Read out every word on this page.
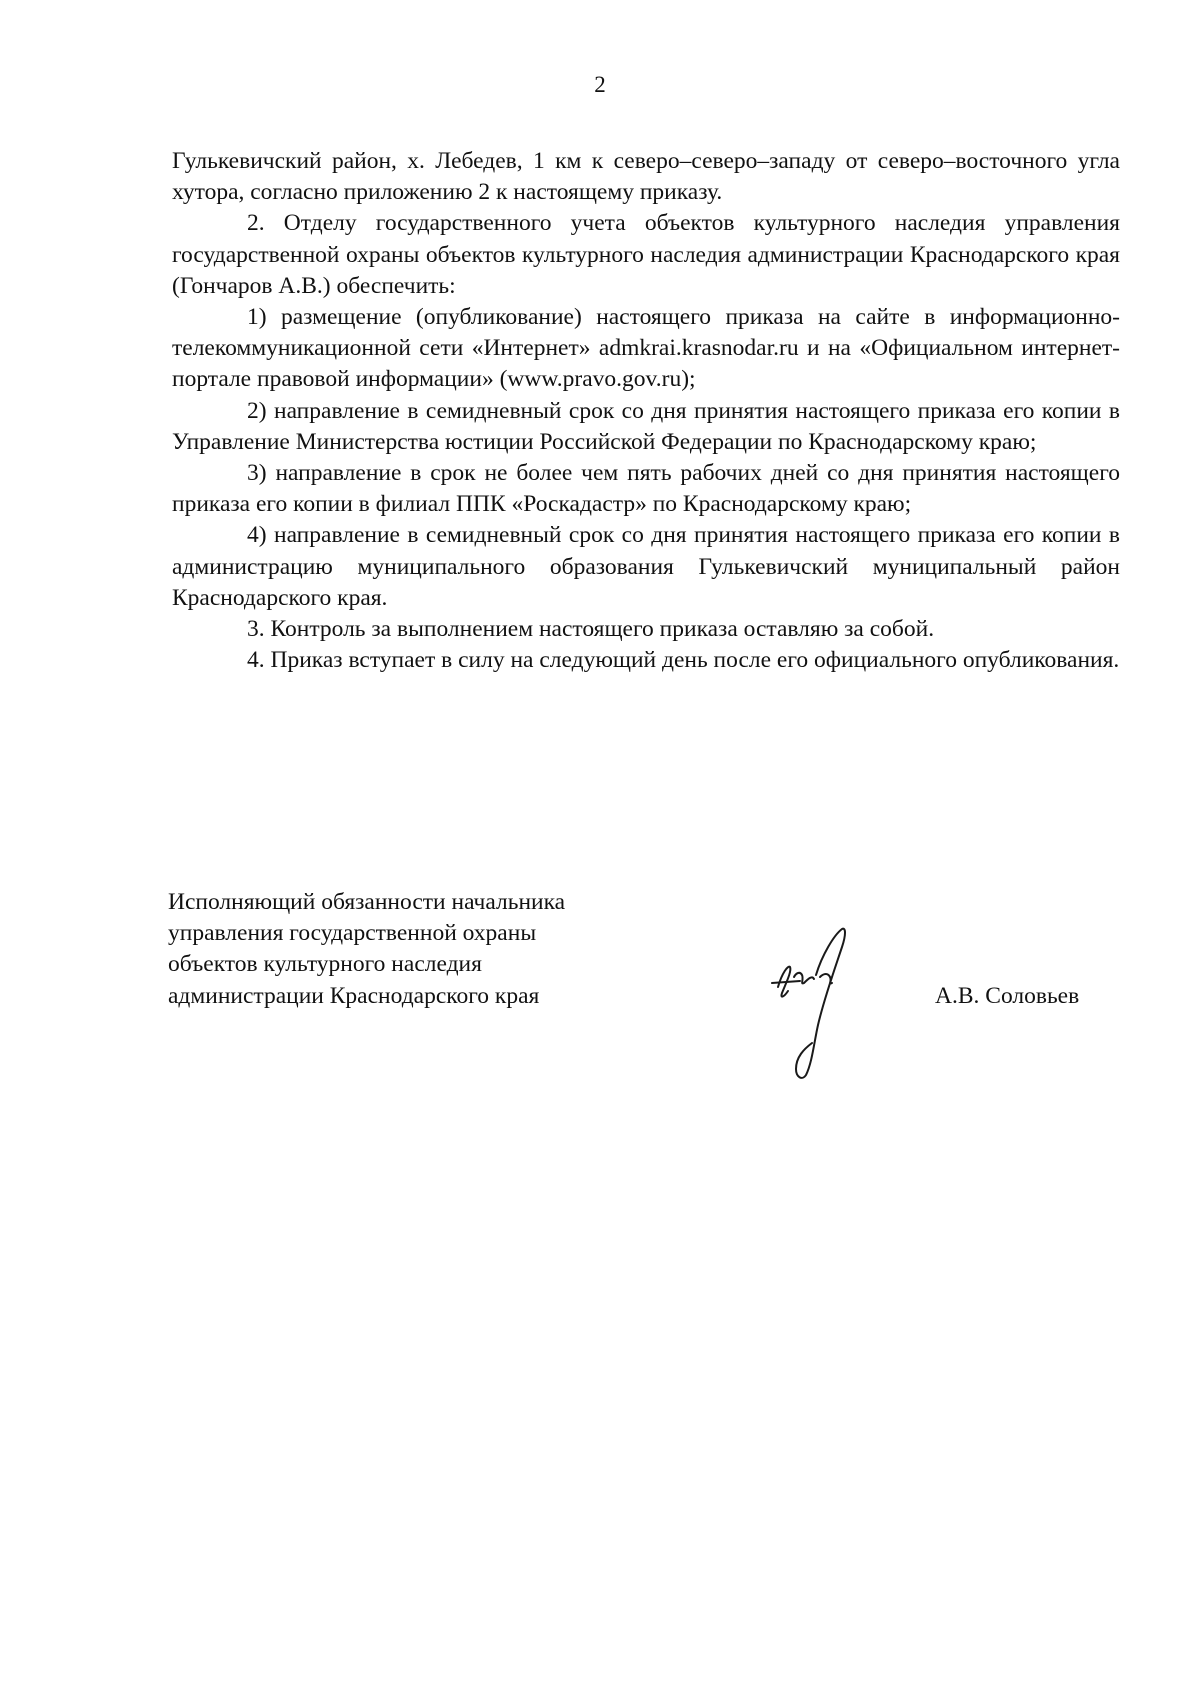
2

Гулькевичский район, х. Лебедев, 1 км к северо–северо–западу от северо–восточного угла хутора, согласно приложению 2 к настоящему приказу.

2. Отделу государственного учета объектов культурного наследия управления государственной охраны объектов культурного наследия администрации Краснодарского края (Гончаров А.В.) обеспечить:

1) размещение (опубликование) настоящего приказа на сайте в информационно-телекоммуникационной сети «Интернет» admkrai.krasnodar.ru и на «Официальном интернет-портале правовой информации» (www.pravo.gov.ru);

2) направление в семидневный срок со дня принятия настоящего приказа его копии в Управление Министерства юстиции Российской Федерации по Краснодарскому краю;

3) направление в срок не более чем пять рабочих дней со дня принятия настоящего приказа его копии в филиал ППК «Роскадастр» по Краснодарскому краю;

4) направление в семидневный срок со дня принятия настоящего приказа его копии в администрацию муниципального образования Гулькевичский муниципальный район Краснодарского края.

3. Контроль за выполнением настоящего приказа оставляю за собой.

4. Приказ вступает в силу на следующий день после его официального опубликования.

Исполняющий обязанности начальника
управления государственной охраны
объектов культурного наследия
администрации Краснодарского края	А.В. Соловьев
